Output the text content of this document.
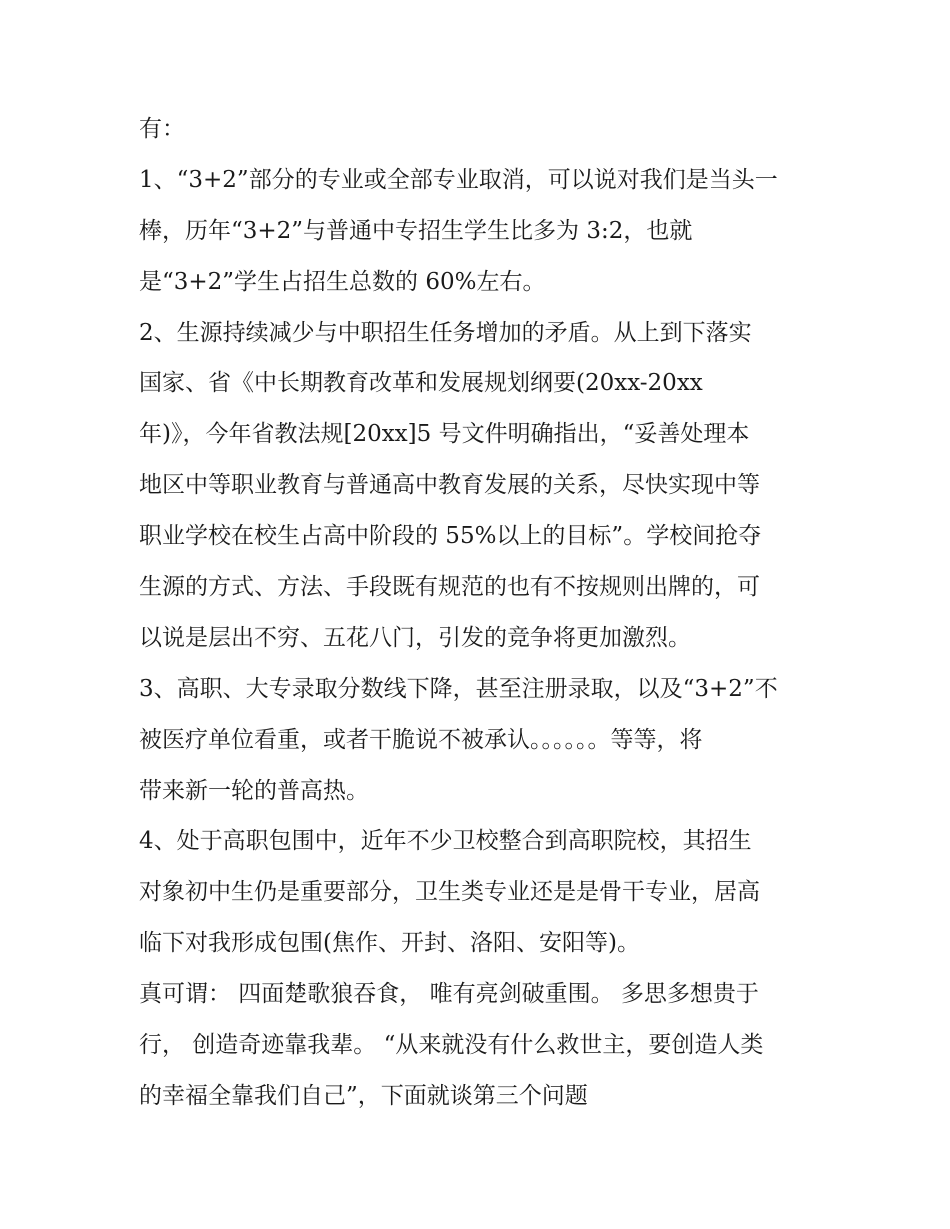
有：
1、“3+2”部分的专业或全部专业取消，可以说对我们是当头一
棒，历年“3+2”与普通中专招生学生比多为 3:2，也就
是“3+2”学生占招生总数的 60%左右。
2、生源持续减少与中职招生任务增加的矛盾。从上到下落实
国家、省《中长期教育改革和发展规划纲要(20xx-20xx
年)》，今年省教法规[20xx]5 号文件明确指出，“妥善处理本
地区中等职业教育与普通高中教育发展的关系，尽快实现中等
职业学校在校生占高中阶段的 55%以上的目标”。学校间抢夺
生源的方式、方法、手段既有规范的也有不按规则出牌的，可
以说是层出不穷、五花八门，引发的竞争将更加激烈。
3、高职、大专录取分数线下降，甚至注册录取，以及“3+2”不
被医疗单位看重，或者干脆说不被承认。。。。。。等等，将
带来新一轮的普高热。
4、处于高职包围中，近年不少卫校整合到高职院校，其招生
对象初中生仍是重要部分，卫生类专业还是是骨干专业，居高
临下对我形成包围(焦作、开封、洛阳、安阳等)。
真可谓： 四面楚歌狼吞食， 唯有亮剑破重围。 多思多想贵于
行， 创造奇迹靠我辈。 “从来就没有什么救世主，要创造人类
的幸福全靠我们自己”，下面就谈第三个问题
